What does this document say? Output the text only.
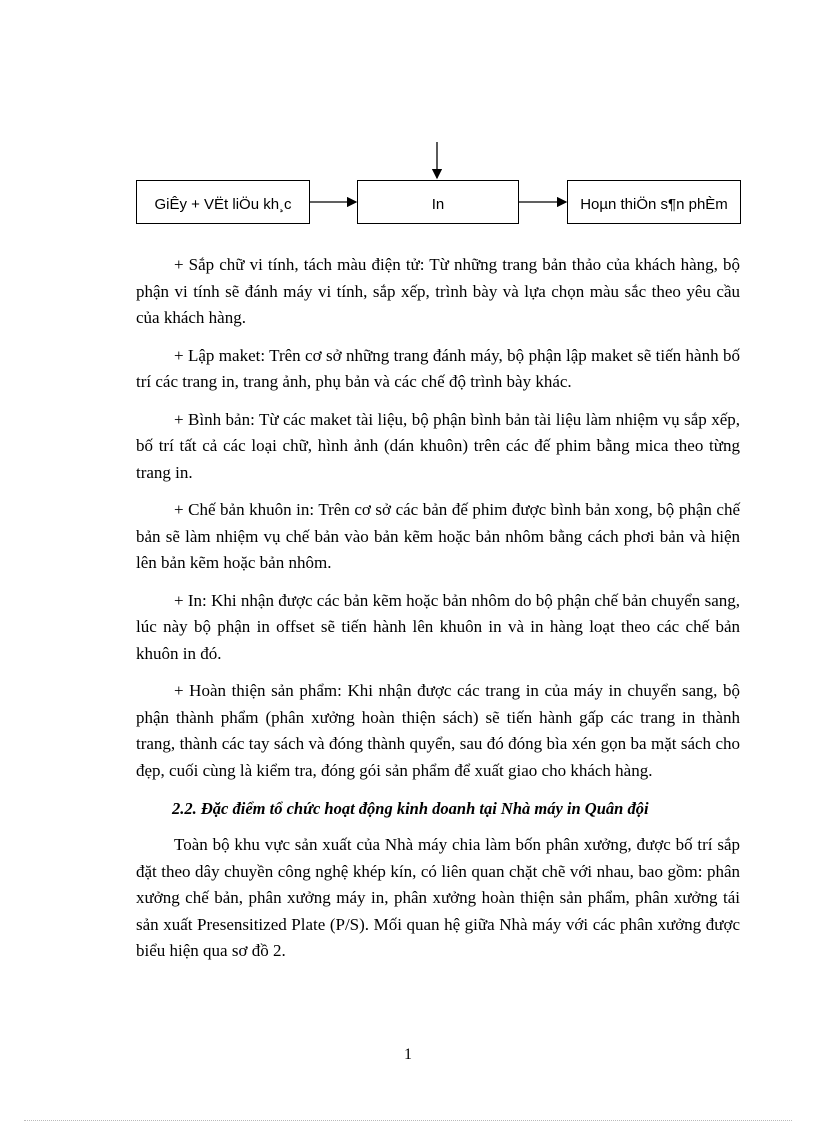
GiÊy + VËt liÖu kh¸c	In	Hoµn thiÖn s¶n phÈm

+ Sắp chữ vi tính, tách màu điện tử: Từ những trang bản thảo của khách hàng, bộ phận vi tính sẽ đánh máy vi tính, sắp xếp, trình bày và lựa chọn màu sắc theo yêu cầu của khách hàng.

+ Lập maket: Trên cơ sở những trang đánh máy, bộ phận lập maket sẽ tiến hành bố trí các trang in, trang ảnh, phụ bản và các chế độ trình bày khác.

+ Bình bản: Từ các maket tài liệu, bộ phận bình bản tài liệu làm nhiệm vụ sắp xếp, bố trí tất cả các loại chữ, hình ảnh (dán khuôn) trên các đế phim bằng mica theo từng trang in.

+ Chế bản khuôn in: Trên cơ sở các bản đế phim được bình bản xong, bộ phận chế bản sẽ làm nhiệm vụ chế bản vào bản kẽm hoặc bản nhôm bằng cách phơi bản và hiện lên bản kẽm hoặc bản nhôm.

+ In: Khi nhận được các bản kẽm hoặc bản nhôm do bộ phận chế bản chuyển sang, lúc này bộ phận in offset sẽ tiến hành lên khuôn in và in hàng loạt theo các chế bản khuôn in đó.

+ Hoàn thiện sản phẩm: Khi nhận được các trang in của máy in chuyển sang, bộ phận thành phẩm (phân xưởng hoàn thiện sách) sẽ tiến hành gấp các trang in thành trang, thành các tay sách và đóng thành quyển, sau đó đóng bìa xén gọn ba mặt sách cho đẹp, cuối cùng là kiểm tra, đóng gói sản phẩm để xuất giao cho khách hàng.

2.2. Đặc điểm tổ chức hoạt động kinh doanh tại Nhà máy in Quân đội

Toàn bộ khu vực sản xuất của Nhà máy chia làm bốn phân xưởng, được bố trí sắp đặt theo dây chuyền công nghệ khép kín, có liên quan chặt chẽ với nhau, bao gồm: phân xưởng chế bản, phân xưởng máy in, phân xưởng hoàn thiện sản phẩm, phân xưởng tái sản xuất Presensitized Plate (P/S). Mối quan hệ giữa Nhà máy với các phân xưởng được biểu hiện qua sơ đồ 2.

1
